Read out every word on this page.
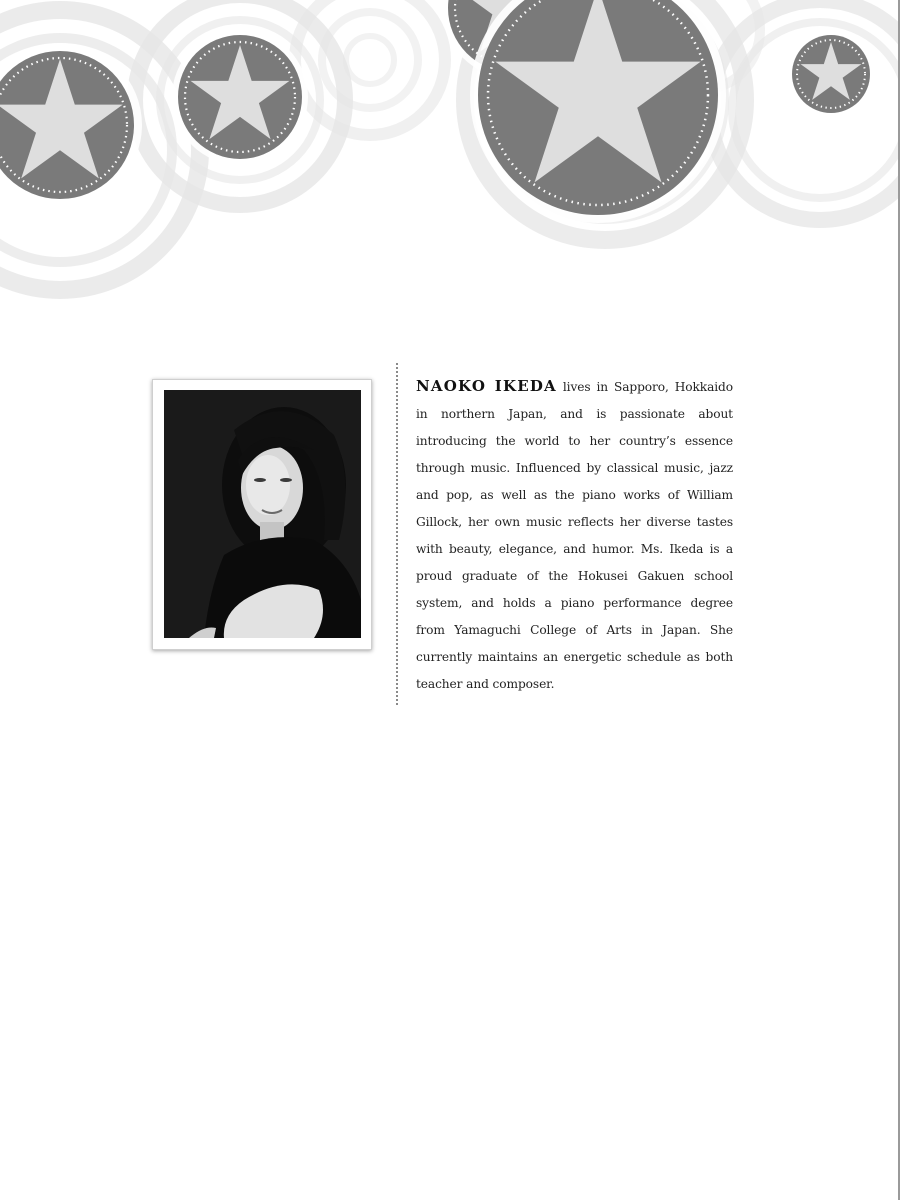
NAOKO IKEDA lives in Sapporo, Hokkaido in northern Japan, and is passionate about introducing the world to her country’s essence through music. Influenced by classical music, jazz and pop, as well as the piano works of William Gillock, her own music reflects her diverse tastes with beauty, elegance, and humor. Ms. Ikeda is a proud graduate of the Hokusei Gakuen school system, and holds a piano performance degree from Yamaguchi College of Arts in Japan. She currently maintains an energetic schedule as both teacher and composer.
